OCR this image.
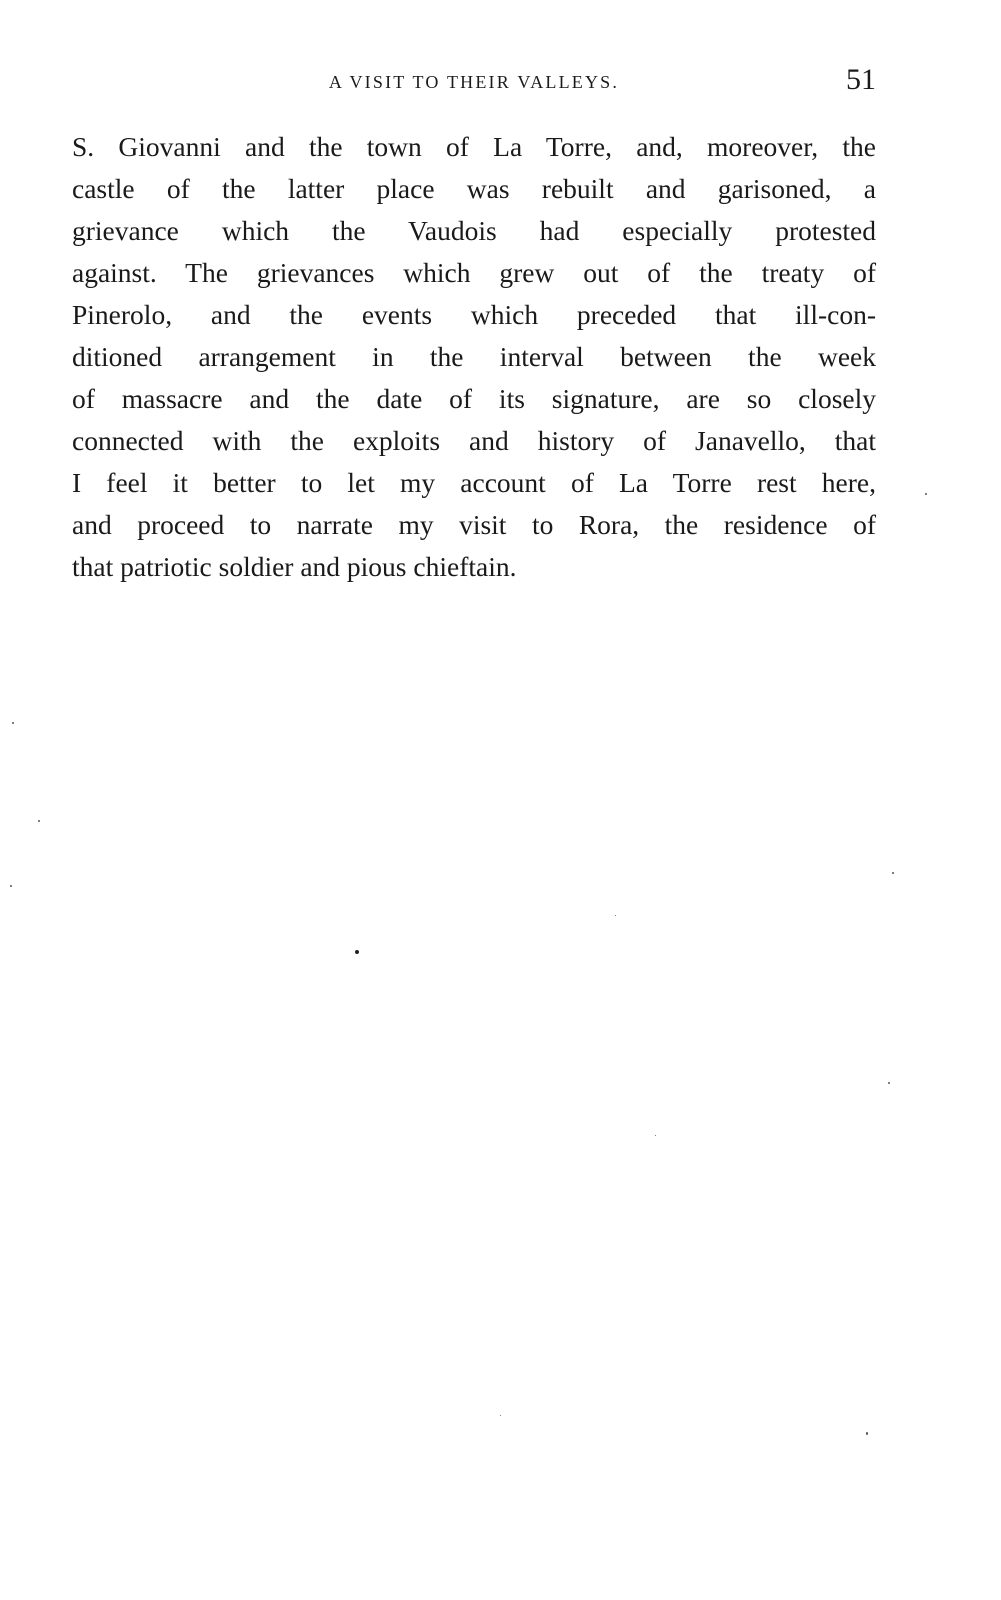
A VISIT TO THEIR VALLEYS.	51
S. Giovanni and the town of La Torre, and, moreover, the
castle of the latter place was rebuilt and garisoned, a
grievance which the Vaudois had especially protested
against. The grievances which grew out of the treaty of
Pinerolo, and the events which preceded that ill-con-
ditioned arrangement in the interval between the week
of massacre and the date of its signature, are so closely
connected with the exploits and history of Janavello, that
I feel it better to let my account of La Torre rest here,
and proceed to narrate my visit to Rora, the residence of
that patriotic soldier and pious chieftain.
